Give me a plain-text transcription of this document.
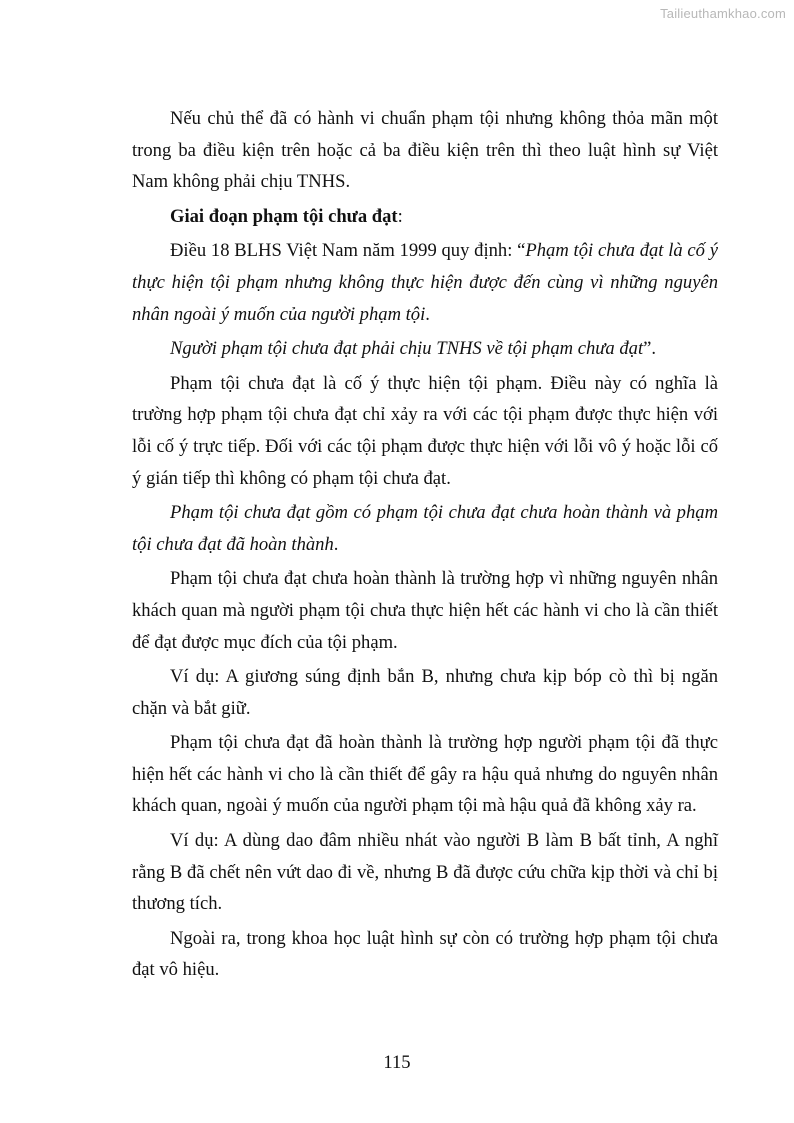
Tailieuthamkhao.com

Nếu chủ thể đã có hành vi chuẩn phạm tội nhưng không thỏa mãn một trong ba điều kiện trên hoặc cả ba điều kiện trên thì theo luật hình sự Việt Nam không phải chịu TNHS.

Giai đoạn phạm tội chưa đạt:

Điều 18 BLHS Việt Nam năm 1999 quy định: “Phạm tội chưa đạt là cố ý thực hiện tội phạm nhưng không thực hiện được đến cùng vì những nguyên nhân ngoài ý muốn của người phạm tội.

Người phạm tội chưa đạt phải chịu TNHS về tội phạm chưa đạt”.

Phạm tội chưa đạt là cố ý thực hiện tội phạm. Điều này có nghĩa là trường hợp phạm tội chưa đạt chỉ xảy ra với các tội phạm được thực hiện với lỗi cố ý trực tiếp. Đối với các tội phạm được thực hiện với lỗi vô ý hoặc lỗi cố ý gián tiếp thì không có phạm tội chưa đạt.

Phạm tội chưa đạt gồm có phạm tội chưa đạt chưa hoàn thành và phạm tội chưa đạt đã hoàn thành.

Phạm tội chưa đạt chưa hoàn thành là trường hợp vì những nguyên nhân khách quan mà người phạm tội chưa thực hiện hết các hành vi cho là cần thiết để đạt được mục đích của tội phạm.

Ví dụ: A giương súng định bắn B, nhưng chưa kịp bóp cò thì bị ngăn chặn và bắt giữ.

Phạm tội chưa đạt đã hoàn thành là trường hợp người phạm tội đã thực hiện hết các hành vi cho là cần thiết để gây ra hậu quả nhưng do nguyên nhân khách quan, ngoài ý muốn của người phạm tội mà hậu quả đã không xảy ra.

Ví dụ: A dùng dao đâm nhiều nhát vào người B làm B bất tỉnh, A nghĩ rằng B đã chết nên vứt dao đi về, nhưng B đã được cứu chữa kịp thời và chỉ bị thương tích.

Ngoài ra, trong khoa học luật hình sự còn có trường hợp phạm tội chưa đạt vô hiệu.

115
